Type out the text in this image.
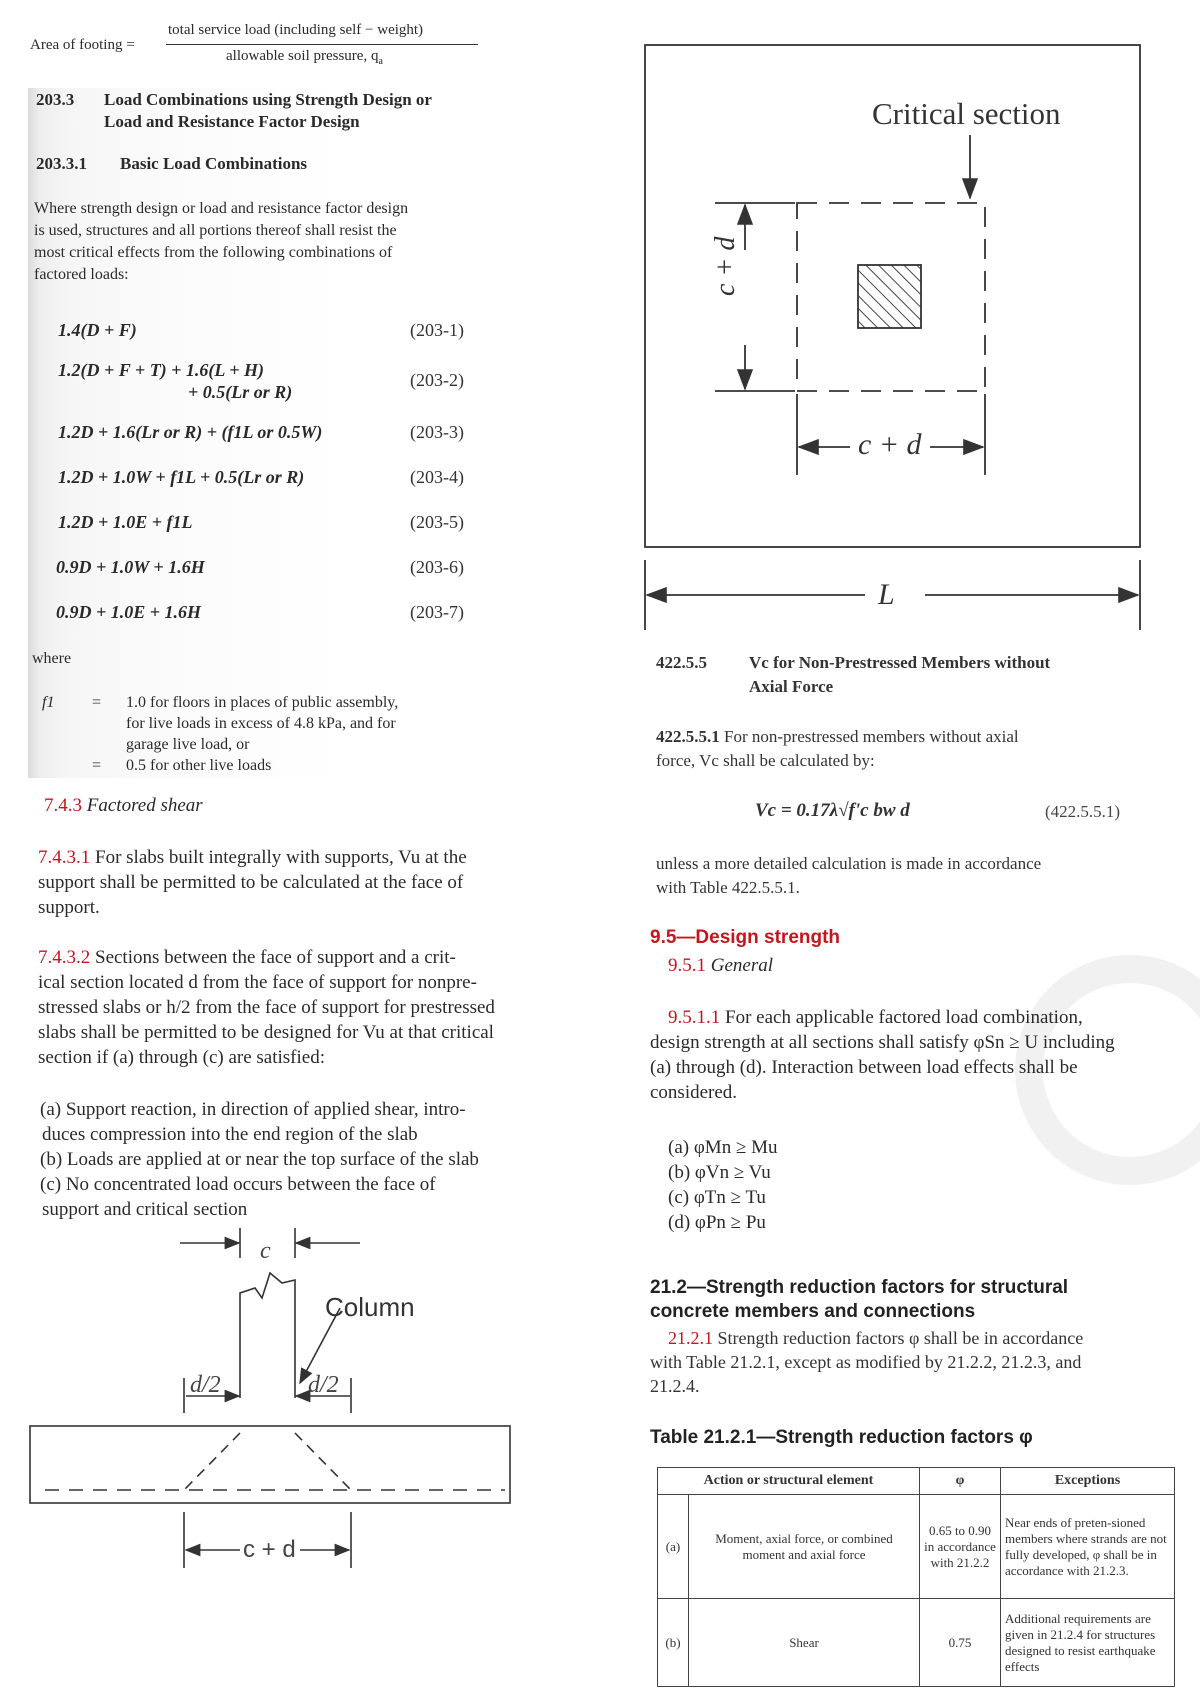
Area of footing =
total service load (including self − weight)
allowable soil pressure, $q_a$
203.3 Load Combinations using Strength Design or
Load and Resistance Factor Design
203.3.1 Basic Load Combinations
Where strength design or load and resistance factor design
is used, structures and all portions thereof shall resist the
most critical effects from the following combinations of
factored loads:
1.4(D + F)	(203-1)
1.2(D + F + T) + 1.6(L + H)
+ 0.5(Lr or R)
(203-2)
1.2D + 1.6(Lr or R) + (f1L or 0.5W)	(203-3)
1.2D + 1.0W + f1L + 0.5(Lr or R)	(203-4)
1.2D + 1.0E + f1L	(203-5)
0.9D + 1.0W + 1.6H	(203-6)
0.9D + 1.0E + 1.6H	(203-7)
where
f1 = 1.0 for floors in places of public assembly,
for live loads in excess of 4.8 kPa, and for
garage live load, or
= 0.5 for other live loads
7.4.3 Factored shear
7.4.3.1 For slabs built integrally with supports, Vu at the
support shall be permitted to be calculated at the face of
support.
7.4.3.2 Sections between the face of support and a crit-
ical section located d from the face of support for nonpre-
stressed slabs or h/2 from the face of support for prestressed
slabs shall be permitted to be designed for Vu at that critical
section if (a) through (c) are satisfied:
(a) Support reaction, in direction of applied shear, intro-
duces compression into the end region of the slab
(b) Loads are applied at or near the top surface of the slab
(c) No concentrated load occurs between the face of
support and critical section
c
Column
d/2	d/2
c + d
Critical section
c + d
c + d
L
422.5.5 Vc for Non-Prestressed Members without
Axial Force
422.5.5.1 For non-prestressed members without axial
force, Vc shall be calculated by:
Vc = 0.17λ√f'c bw d	(422.5.5.1)
unless a more detailed calculation is made in accordance
with Table 422.5.5.1.
9.5—Design strength
9.5.1 General
9.5.1.1 For each applicable factored load combination,
design strength at all sections shall satisfy φSn ≥ U including
(a) through (d). Interaction between load effects shall be
considered.
(a) φMn ≥ Mu
(b) φVn ≥ Vu
(c) φTn ≥ Tu
(d) φPn ≥ Pu
21.2—Strength reduction factors for structural
concrete members and connections
21.2.1 Strength reduction factors φ shall be in accordance
with Table 21.2.1, except as modified by 21.2.2, 21.2.3, and
21.2.4.
Table 21.2.1—Strength reduction factors φ
Action or structural element		φ	Exceptions
(a)	Moment, axial force, or combined moment and axial force	0.65 to 0.90 in accordance with 21.2.2	Near ends of preten-sioned members where strands are not fully developed, φ shall be in accordance with 21.2.3.
(b)	Shear	0.75	Additional requirements are given in 21.2.4 for structures designed to resist earthquake effects
